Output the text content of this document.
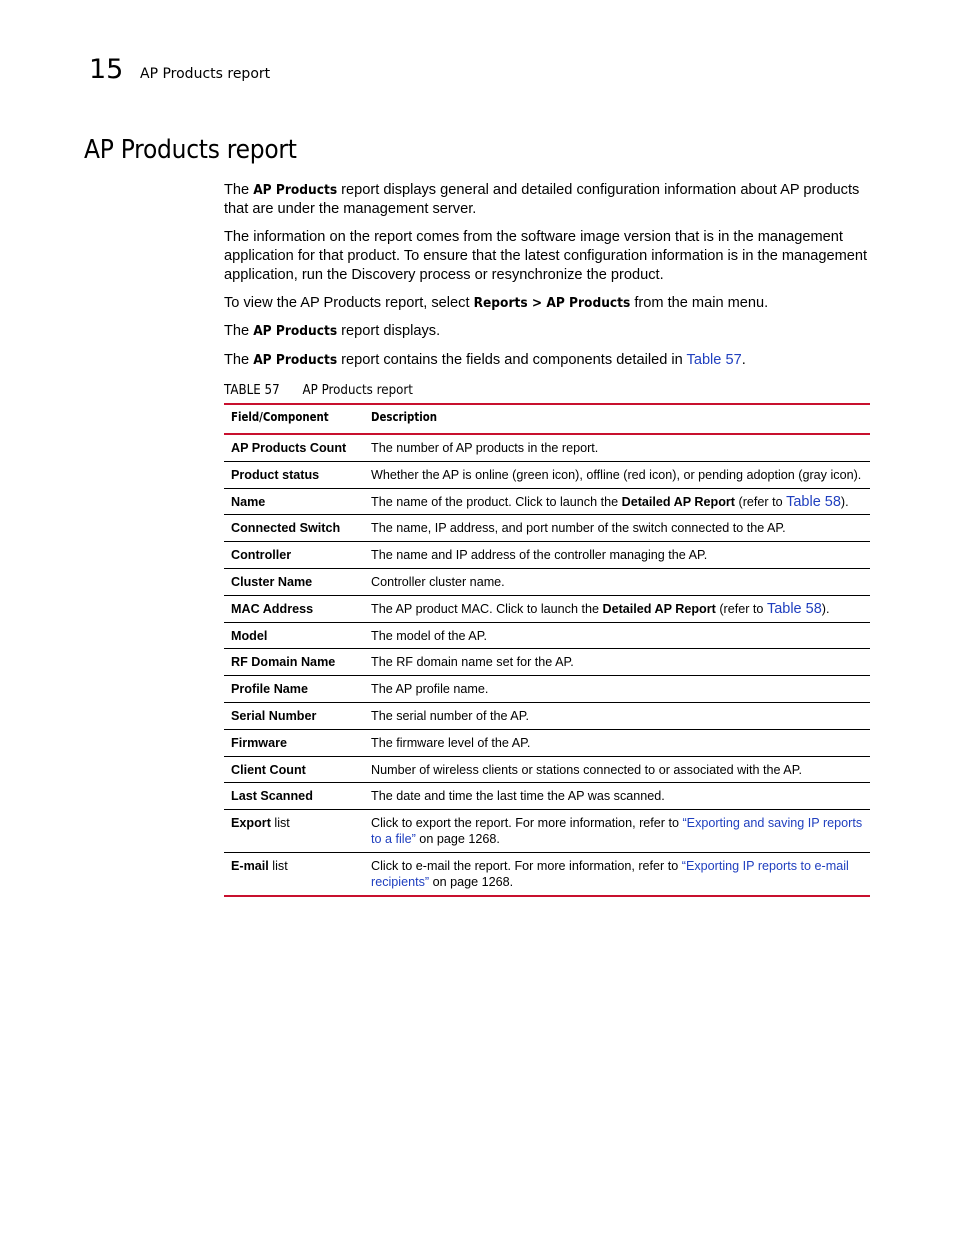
15 AP Products report
AP Products report

The AP Products report displays general and detailed configuration information about AP products that are under the management server.

The information on the report comes from the software image version that is in the management application for that product. To ensure that the latest configuration information is in the management application, run the Discovery process or resynchronize the product.

To view the AP Products report, select Reports > AP Products from the main menu.

The AP Products report displays.

The AP Products report contains the fields and components detailed in Table 57.

TABLE 57 AP Products report
Field/Component	Description
AP Products Count	The number of AP products in the report.
Product status	Whether the AP is online (green icon), offline (red icon), or pending adoption (gray icon).
Name	The name of the product. Click to launch the Detailed AP Report (refer to Table 58).
Connected Switch	The name, IP address, and port number of the switch connected to the AP.
Controller	The name and IP address of the controller managing the AP.
Cluster Name	Controller cluster name.
MAC Address	The AP product MAC. Click to launch the Detailed AP Report (refer to Table 58).
Model	The model of the AP.
RF Domain Name	The RF domain name set for the AP.
Profile Name	The AP profile name.
Serial Number	The serial number of the AP.
Firmware	The firmware level of the AP.
Client Count	Number of wireless clients or stations connected to or associated with the AP.
Last Scanned	The date and time the last time the AP was scanned.
Export list	Click to export the report. For more information, refer to “Exporting and saving IP reports to a file” on page 1268.
E-mail list	Click to e-mail the report. For more information, refer to “Exporting IP reports to e-mail recipients” on page 1268.
